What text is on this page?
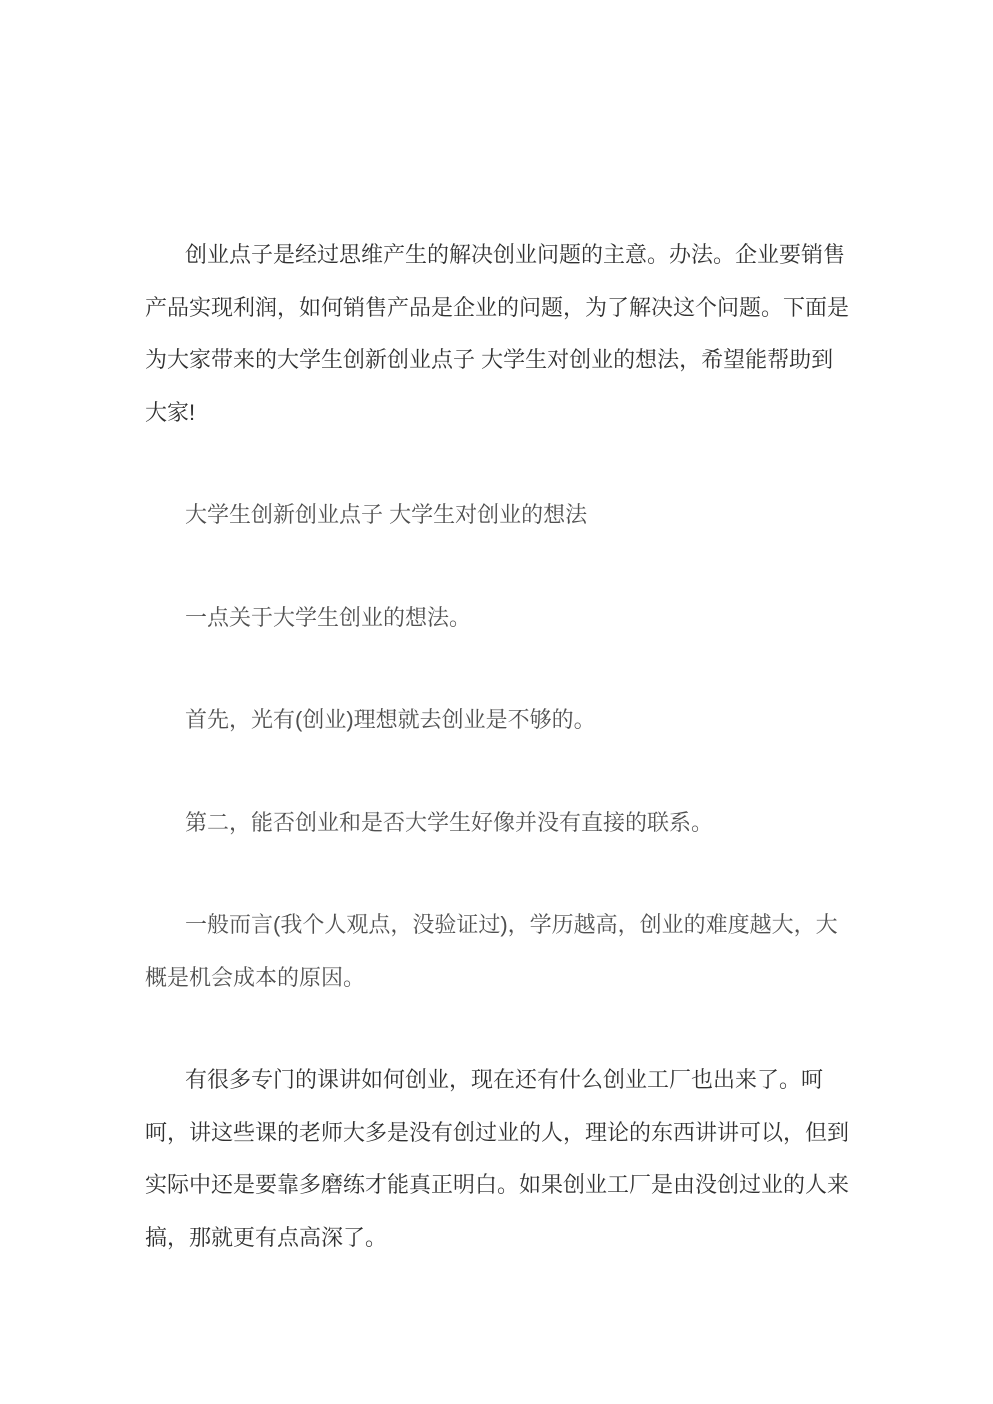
创业点子是经过思维产生的解决创业问题的主意。办法。企业要销售产品实现利润，如何销售产品是企业的问题，为了解决这个问题。下面是 为大家带来的大学生创新创业点子 大学生对创业的想法，希望能帮助到大家!

大学生创新创业点子 大学生对创业的想法

一点关于大学生创业的想法。

首先，光有(创业)理想就去创业是不够的。

第二，能否创业和是否大学生好像并没有直接的联系。

一般而言(我个人观点，没验证过)，学历越高，创业的难度越大，大概是机会成本的原因。

有很多专门的课讲如何创业，现在还有什么创业工厂也出来了。呵呵，讲这些课的老师大多是没有创过业的人，理论的东西讲讲可以，但到实际中还是要靠多磨练才能真正明白。如果创业工厂是由没创过业的人来搞，那就更有点高深了。
